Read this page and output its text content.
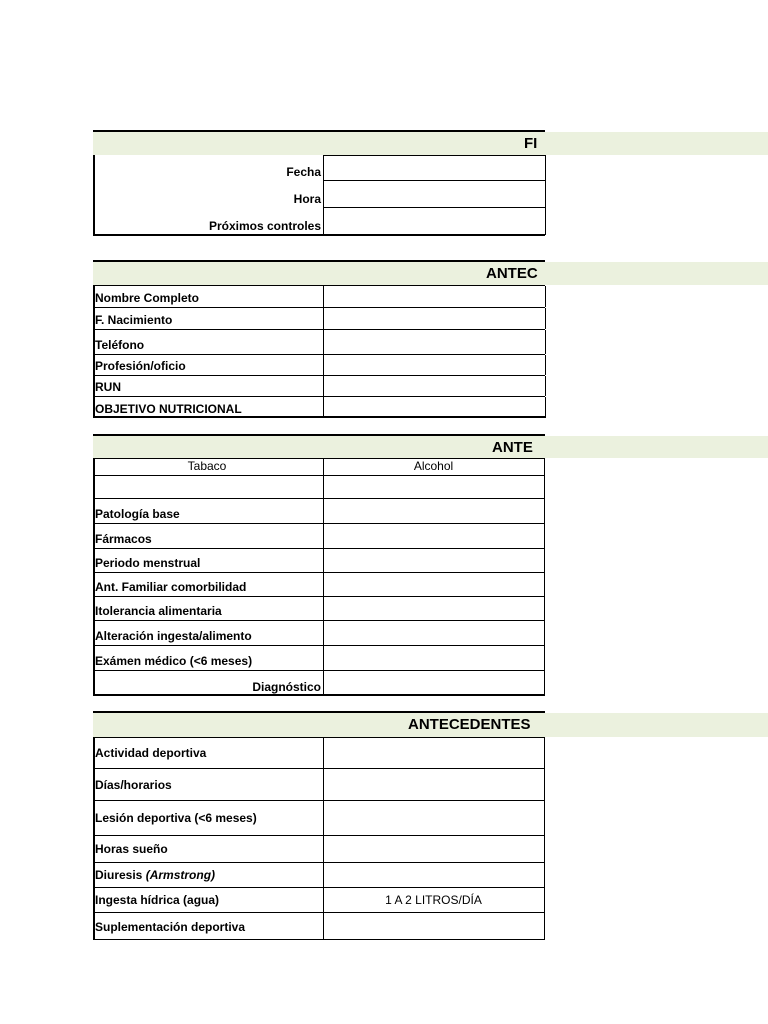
FI
Fecha
Hora
Próximos controles
ANTEC
Nombre Completo
F. Nacimiento
Teléfono
Profesión/oficio
RUN
OBJETIVO NUTRICIONAL
ANTE
Tabaco	Alcohol
Patología base
Fármacos
Periodo menstrual
Ant. Familiar comorbilidad
Itolerancia alimentaria
Alteración ingesta/alimento
Exámen médico (<6 meses)
Diagnóstico
ANTECEDENTES
Actividad deportiva
Días/horarios
Lesión deportiva (<6 meses)
Horas sueño
Diuresis (Armstrong)
Ingesta hídrica (agua)	1 A 2 LITROS/DÍA
Suplementación deportiva
